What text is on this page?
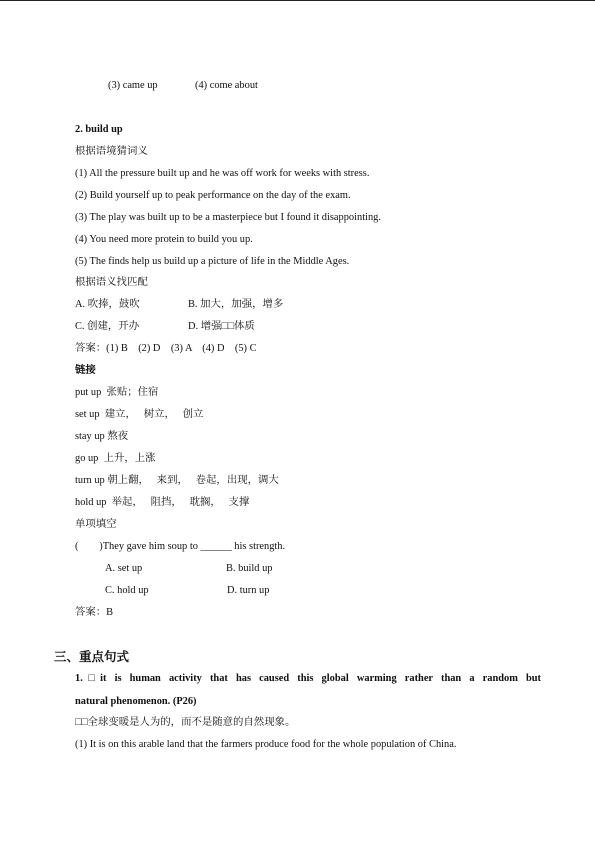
(3) came up	(4) come about
2. build up
根据语境猜词义
(1) All the pressure built up and he was off work for weeks with stress.
(2) Build yourself up to peak performance on the day of the exam.
(3) The play was built up to be a masterpiece but I found it disappointing.
(4) You need more protein to build you up.
(5) The finds help us build up a picture of life in the Middle Ages.
根据语义找匹配
A. 吹捧，鼓吹	B. 加大，加强，增多
C. 创建，开办	D. 增强□□体质
答案：(1) B    (2) D    (3) A    (4) D    (5) C
链接
put up  张贴；住宿
set up  建立，   树立，   创立
stay up 熬夜
go up  上升，上涨
turn up 朝上翻，   来到，   卷起，出现，调大
hold up  举起，   阻挡，   耽搁，   支撑
单项填空
(        )They gave him soup to ______ his strength.
A. set up	B. build up
C. hold up	D. turn up
答案：B
三、重点句式
1.□it is human activity that has caused this global warming rather than a random but
natural phenomenon. (P26)
□□全球变暖是人为的，而不是随意的自然现象。
(1) It is on this arable land that the farmers produce food for the whole population of China.
